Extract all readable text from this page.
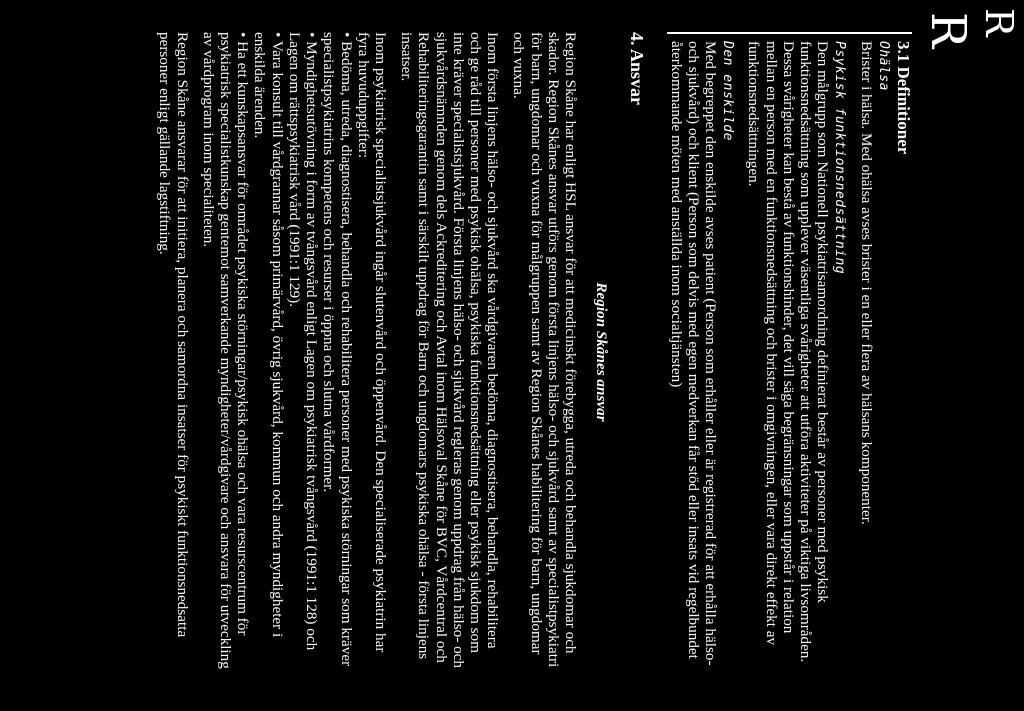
R
R
3.1 Definitioner
Ohälsa

Brister i hälsa. Med ohälsa avses brister i en eller flera av hälsans komponenter.

Psykisk funktionsnedsättning

Den målgrupp som Nationell psykiatrisamordning definierat består av personer med psykisk funktionsnedsättning som upplever väsentliga svårigheter att utföra aktiviteter på viktiga livsområden. Dessa svårigheter kan bestå av funktionshinder, det vill säga begränsningar som uppstår i relation mellan en person med en funktionsnedsättning och brister i omgivningen, eller vara direkt effekt av funktionsnedsättningen.

Den enskilde

Med begreppet den enskilde avses patient (Person som erhåller eller är registrerad för att erhålla hälso- och sjukvård) och klient (Person som delvis med egen medverkan får stöd eller insats vid regelbundet återkommande möten med anställda inom socialtjänsten)

4. Ansvar
Region Skånes ansvar

Region Skåne har enligt HSL ansvar för att medicinskt förebygga, utreda och behandla sjukdomar och skador. Region Skånes ansvar utförs genom första linjens hälso- och sjukvård samt av specialistpsykiatri för barn, ungdomar och vuxna för målgruppen samt av Region Skånes habilitering för barn, ungdomar och vuxna.

Inom första linjens hälso- och sjukvård ska vårdgivaren bedöma, diagnostisera, behandla, rehabilitera och ge råd till personer med psykisk ohälsa, psykiska funktionsnedsättning eller psykisk sjukdom som inte kräver specialistsjukvård. Första linjens hälso- och sjukvård regleras genom uppdrag från hälso- och sjukvårdsnämnden genom dels Ackreditering och Avtal inom Hälsoval Skåne för BVC, Vårdcentral och Rehabiliteringsgarantin samt i särskilt uppdrag för Barn och ungdomars psykiska ohälsa - första linjens insatser.

Inom psykiatrisk specialistsjukvård ingår slutenvård och öppenvård. Den specialiserade psykiatrin har fyra huvuduppgifter:

• Bedöma, utreda, diagnostisera, behandla och rehabilitera personer med psykiska störningar som kräver specialistpsykiatrins kompetens och resurser i öppna och slutna vårdformer.
• Myndighetsutövning i form av tvångsvård enligt Lagen om psykiatrisk tvångsvård (1991:1 128) och Lagen om rättspsykiatrisk vård (1991:1 129).
• Vara konsult till vårdgrannar såsom primärvård, övrig sjukvård, kommun och andra myndigheter i enskilda ärenden.
• Ha ett kunskapsansvar för området psykiska störningar/psykisk ohälsa och vara resurscentrum för psykiatrisk specialistkunskap gentemot samverkande myndigheter/vårdgivare och ansvara för utveckling av vårdprogram inom specialiteten.

Region Skåne ansvarar för att initiera, planera och samordna insatser för psykiskt funktionsnedsatta personer enligt gällande lagstiftning.
